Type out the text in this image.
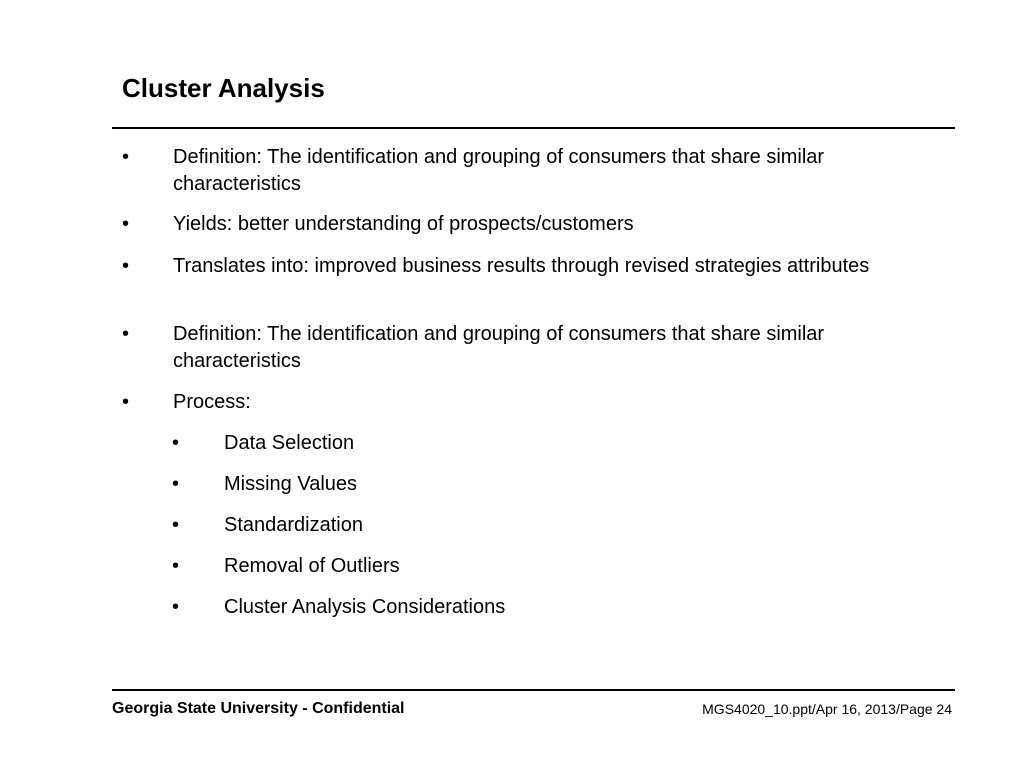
Cluster Analysis
• Definition: The identification and grouping of consumers that share similar characteristics
• Yields: better understanding of prospects/customers
• Translates into: improved business results through revised strategies attributes
• Definition: The identification and grouping of consumers that share similar characteristics
• Process:
• Data Selection
• Missing Values
• Standardization
• Removal of Outliers
• Cluster Analysis Considerations
Georgia State University - Confidential	MGS4020_10.ppt/Apr 16, 2013/Page 24
